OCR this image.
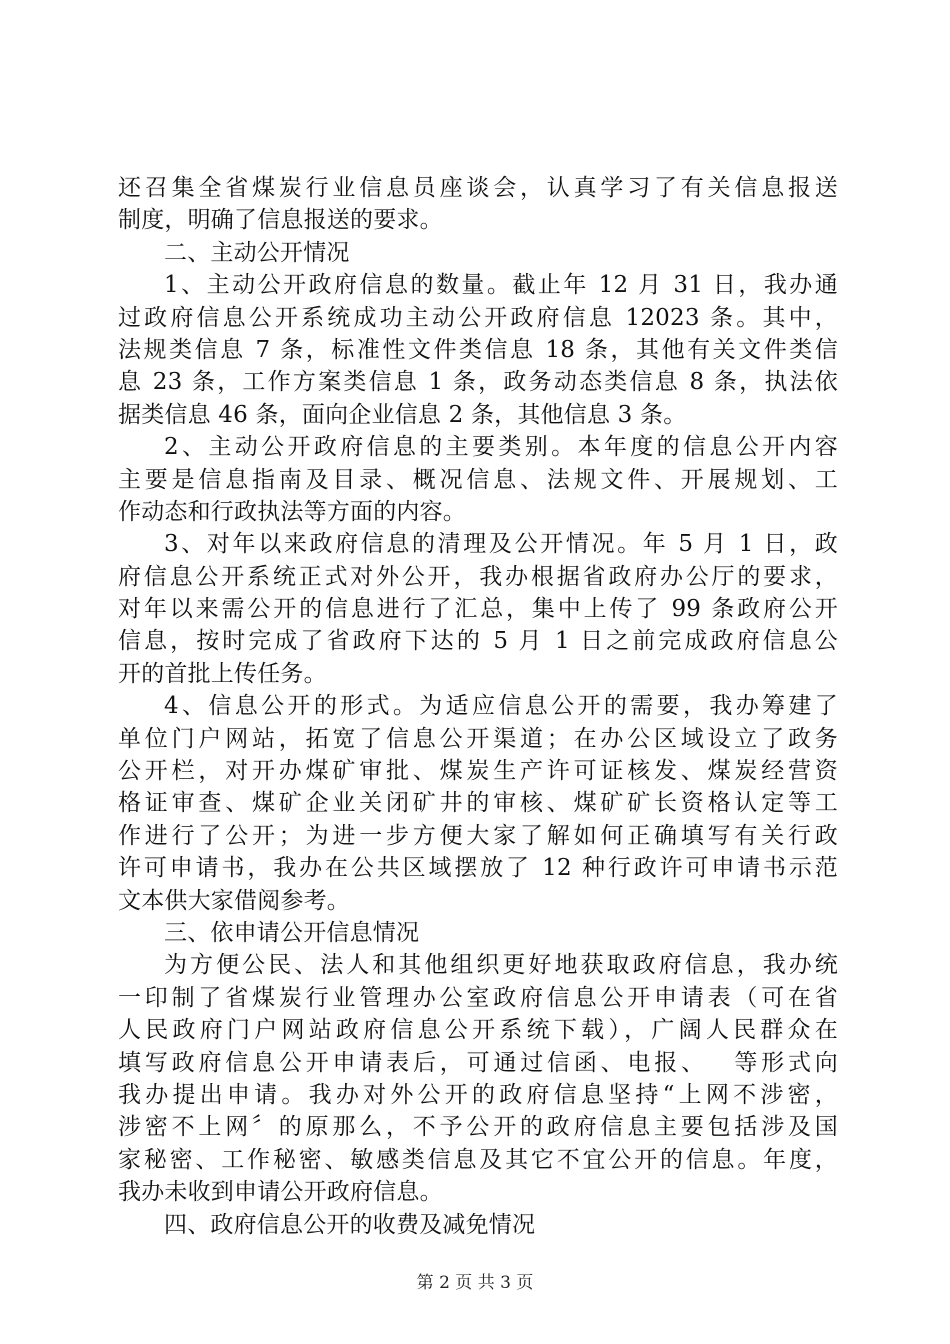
还召集全省煤炭行业信息员座谈会，认真学习了有关信息报送
制度，明确了信息报送的要求。
二、主动公开情况
1、主动公开政府信息的数量。截止年 12 月 31 日，我办通
过政府信息公开系统成功主动公开政府信息 12023 条。其中，
法规类信息 7 条，标准性文件类信息 18 条，其他有关文件类信
息 23 条，工作方案类信息 1 条，政务动态类信息 8 条，执法依
据类信息 46 条，面向企业信息 2 条，其他信息 3 条。
2、主动公开政府信息的主要类别。本年度的信息公开内容
主要是信息指南及目录、概况信息、法规文件、开展规划、工
作动态和行政执法等方面的内容。
3、对年以来政府信息的清理及公开情况。年 5 月 1 日，政
府信息公开系统正式对外公开，我办根据省政府办公厅的要求，
对年以来需公开的信息进行了汇总，集中上传了 99 条政府公开
信息，按时完成了省政府下达的 5 月 1 日之前完成政府信息公
开的首批上传任务。
4、信息公开的形式。为适应信息公开的需要，我办筹建了
单位门户网站，拓宽了信息公开渠道；在办公区域设立了政务
公开栏，对开办煤矿审批、煤炭生产许可证核发、煤炭经营资
格证审查、煤矿企业关闭矿井的审核、煤矿矿长资格认定等工
作进行了公开；为进一步方便大家了解如何正确填写有关行政
许可申请书，我办在公共区域摆放了 12 种行政许可申请书示范
文本供大家借阅参考。
三、依申请公开信息情况
为方便公民、法人和其他组织更好地获取政府信息，我办统
一印制了省煤炭行业管理办公室政府信息公开申请表（可在省
人民政府门户网站政府信息公开系统下载），广阔人民群众在
填写政府信息公开申请表后，可通过信函、电报、　 等形式向
我办提出申请。我办对外公开的政府信息坚持“上网不涉密，
涉密不上网〞的原那么，不予公开的政府信息主要包括涉及国
家秘密、工作秘密、敏感类信息及其它不宜公开的信息。年度，
我办未收到申请公开政府信息。
四、政府信息公开的收费及减免情况
第 2 页 共 3 页
